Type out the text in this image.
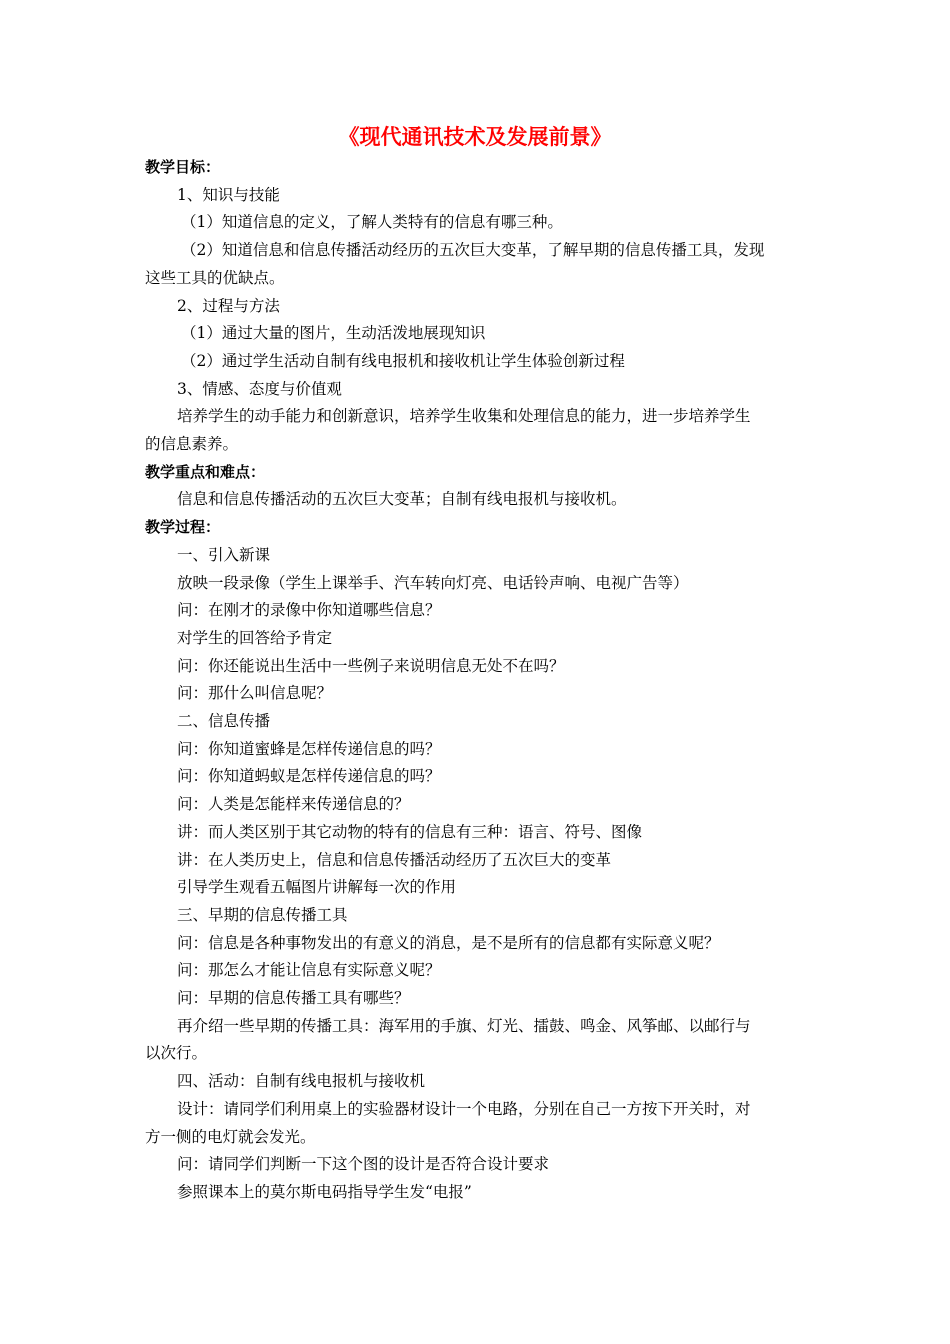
《现代通讯技术及发展前景》
教学目标：
1、知识与技能
（1）知道信息的定义，了解人类特有的信息有哪三种。
（2）知道信息和信息传播活动经历的五次巨大变革，了解早期的信息传播工具，发现
这些工具的优缺点。
2、过程与方法
（1）通过大量的图片，生动活泼地展现知识
（2）通过学生活动自制有线电报机和接收机让学生体验创新过程
3、情感、态度与价值观
培养学生的动手能力和创新意识，培养学生收集和处理信息的能力，进一步培养学生
的信息素养。
教学重点和难点：
信息和信息传播活动的五次巨大变革；自制有线电报机与接收机。
教学过程：
一、引入新课
放映一段录像（学生上课举手、汽车转向灯亮、电话铃声响、电视广告等）
问：在刚才的录像中你知道哪些信息？
对学生的回答给予肯定
问：你还能说出生活中一些例子来说明信息无处不在吗？
问：那什么叫信息呢？
二、信息传播
问：你知道蜜蜂是怎样传递信息的吗？
问：你知道蚂蚁是怎样传递信息的吗？
问：人类是怎能样来传递信息的？
讲：而人类区别于其它动物的特有的信息有三种：语言、符号、图像
讲：在人类历史上，信息和信息传播活动经历了五次巨大的变革
引导学生观看五幅图片讲解每一次的作用
三、早期的信息传播工具
问：信息是各种事物发出的有意义的消息，是不是所有的信息都有实际意义呢？
问：那怎么才能让信息有实际意义呢？
问：早期的信息传播工具有哪些？
再介绍一些早期的传播工具：海军用的手旗、灯光、擂鼓、鸣金、风筝邮、以邮行与
以次行。
四、活动：自制有线电报机与接收机
设计：请同学们利用桌上的实验器材设计一个电路，分别在自己一方按下开关时，对
方一侧的电灯就会发光。
问：请同学们判断一下这个图的设计是否符合设计要求
参照课本上的莫尔斯电码指导学生发“电报”
